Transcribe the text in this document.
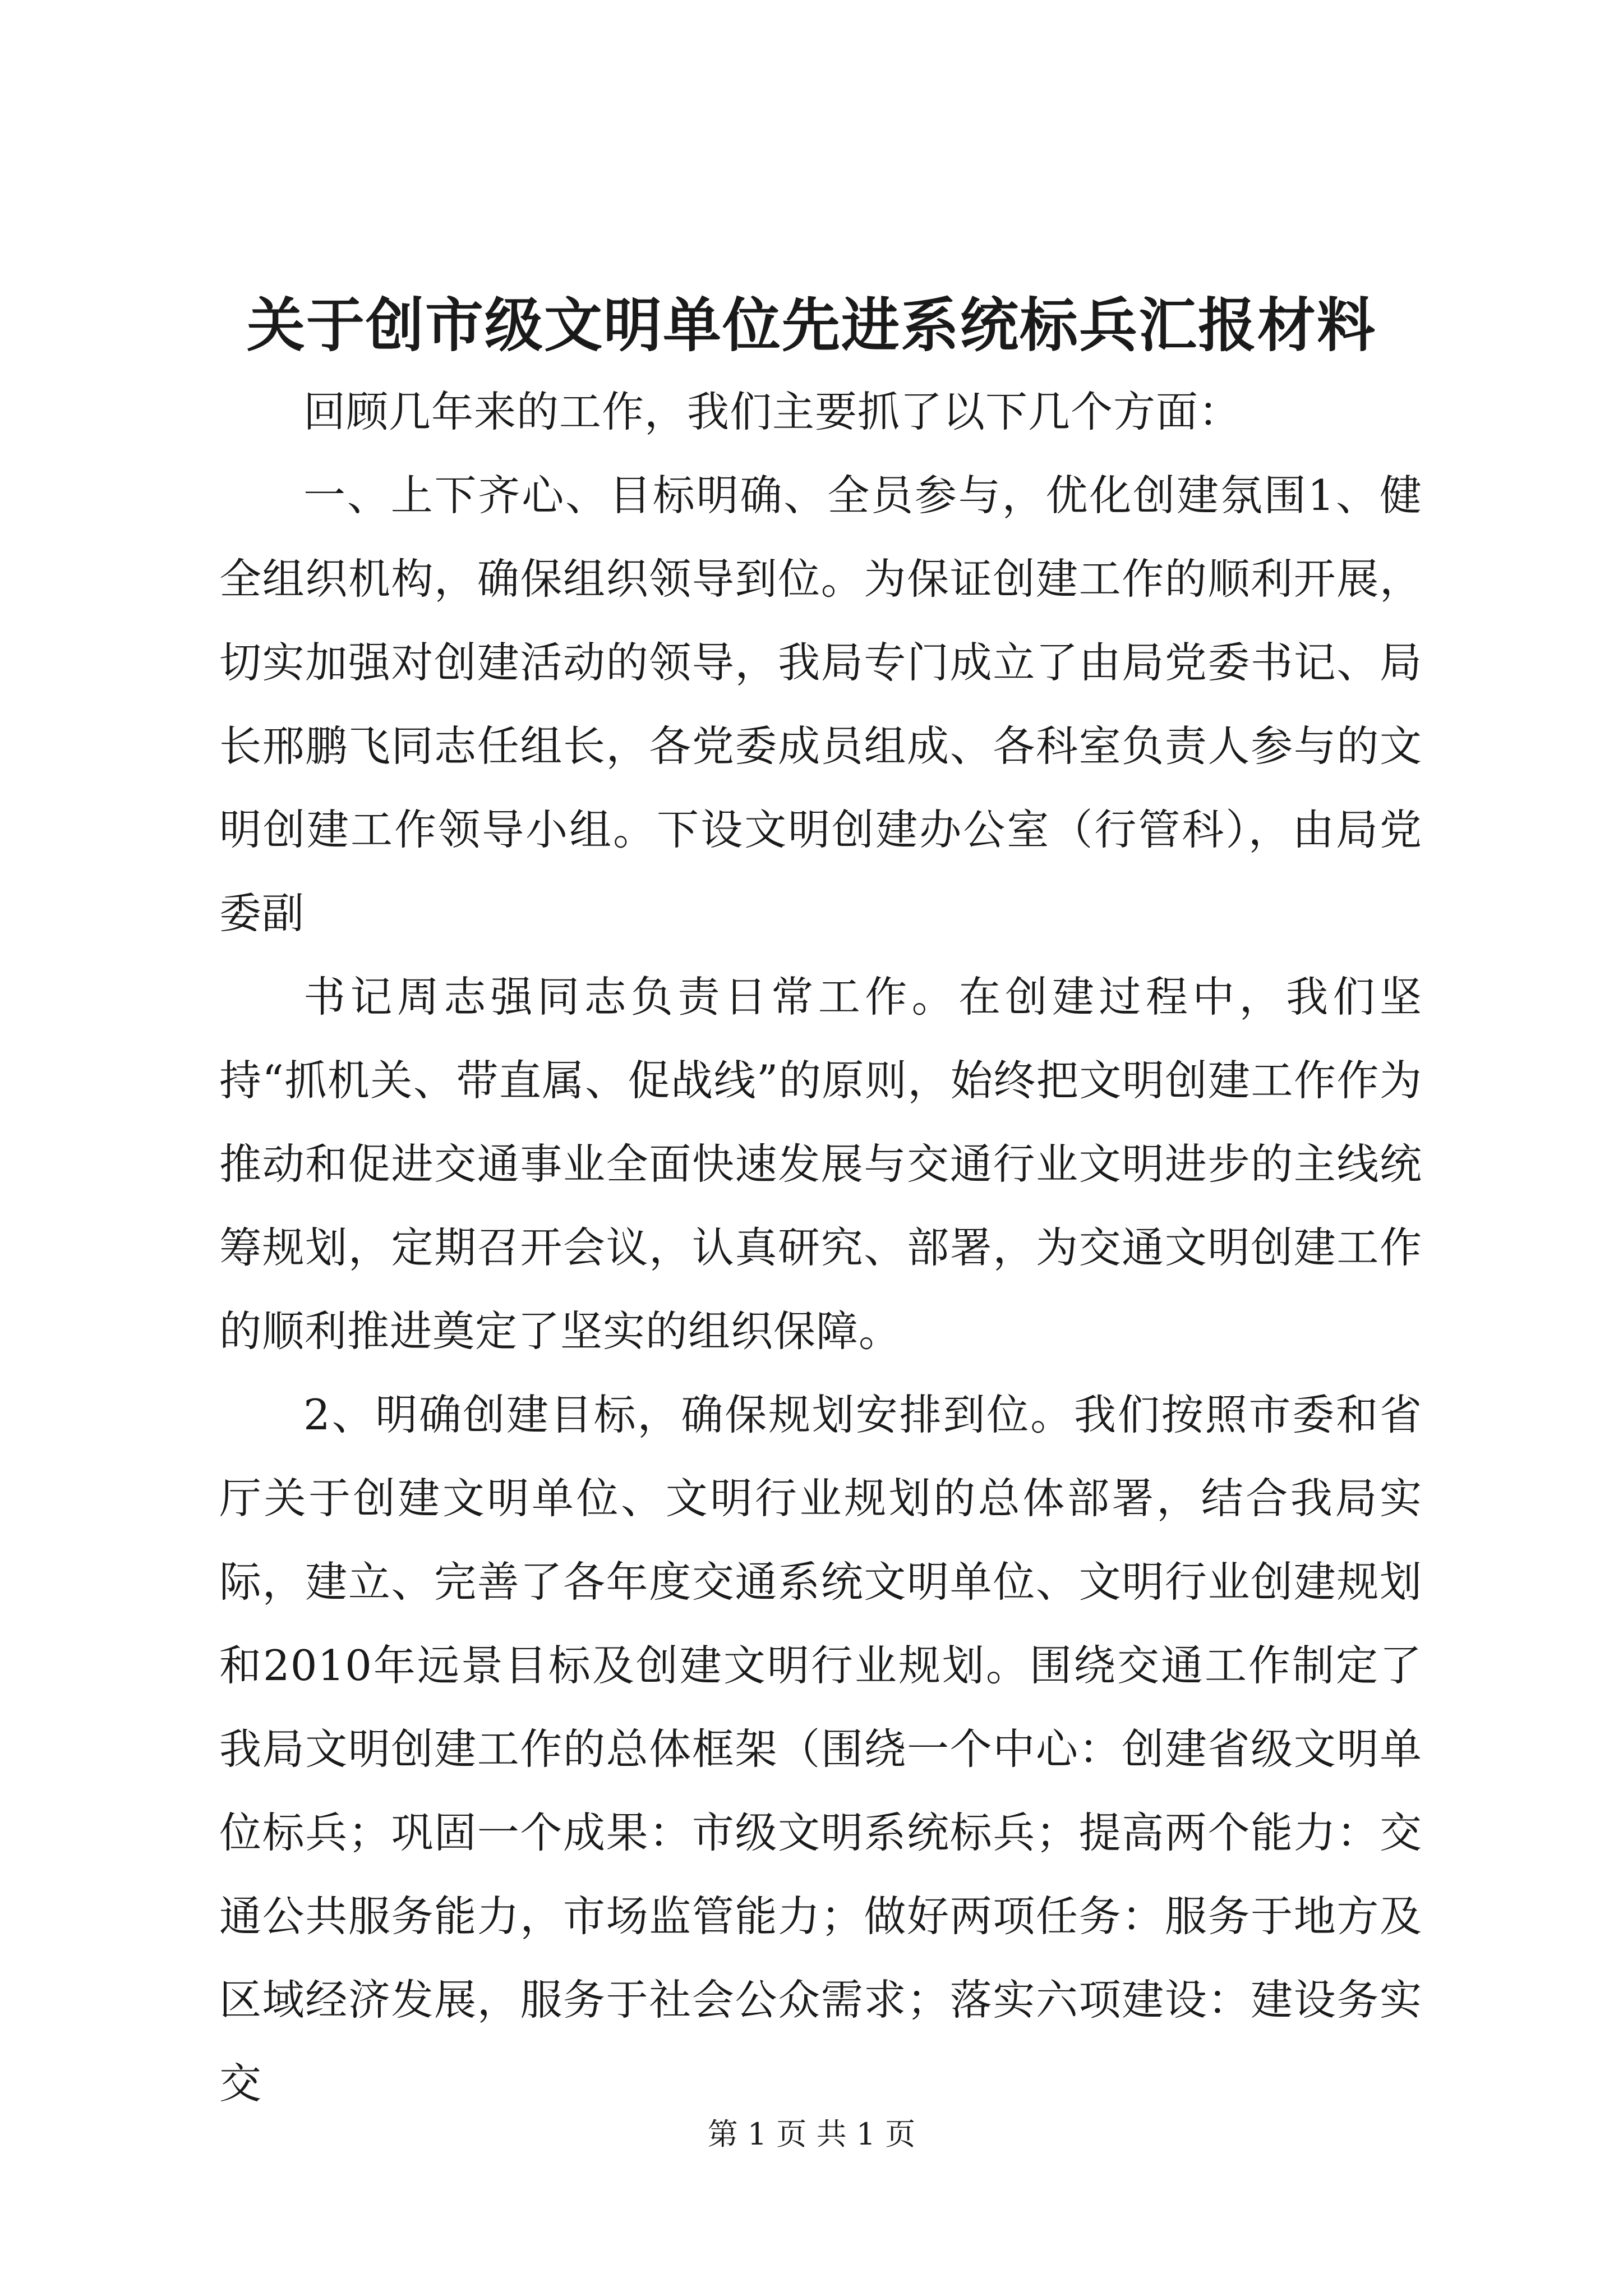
关于创市级文明单位先进系统标兵汇报材料

回顾几年来的工作，我们主要抓了以下几个方面：

一、上下齐心、目标明确、全员参与，优化创建氛围1、健全组织机构，确保组织领导到位。为保证创建工作的顺利开展，切实加强对创建活动的领导，我局专门成立了由局党委书记、局长邢鹏飞同志任组长，各党委成员组成、各科室负责人参与的文明创建工作领导小组。下设文明创建办公室（行管科），由局党委副

书记周志强同志负责日常工作。在创建过程中，我们坚持“抓机关、带直属、促战线”的原则，始终把文明创建工作作为推动和促进交通事业全面快速发展与交通行业文明进步的主线统筹规划，定期召开会议，认真研究、部署，为交通文明创建工作的顺利推进奠定了坚实的组织保障。

2、明确创建目标，确保规划安排到位。我们按照市委和省厅关于创建文明单位、文明行业规划的总体部署，结合我局实际，建立、完善了各年度交通系统文明单位、文明行业创建规划和2010年远景目标及创建文明行业规划。围绕交通工作制定了我局文明创建工作的总体框架（围绕一个中心：创建省级文明单位标兵；巩固一个成果：市级文明系统标兵；提高两个能力：交通公共服务能力，市场监管能力；做好两项任务：服务于地方及区域经济发展，服务于社会公众需求；落实六项建设：建设务实交

第 1 页 共 1 页
